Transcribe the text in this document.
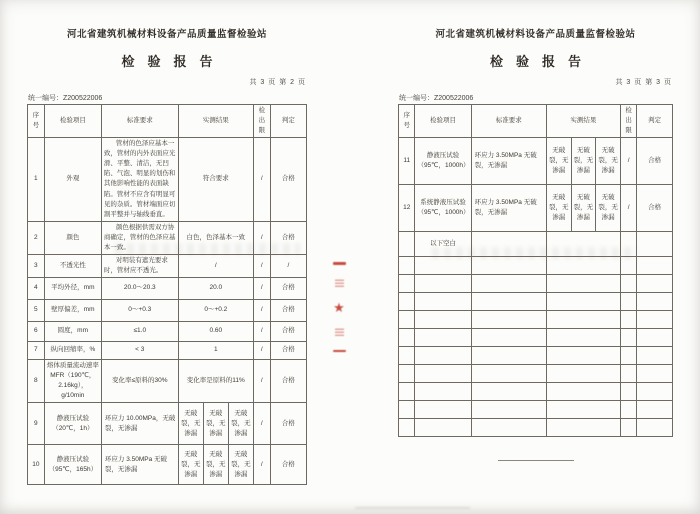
河北省建筑机械材料设备产品质量监督检验站
检验报告
共 3 页 第 2 页
统一编号：Z200522006
序号	检验项目	标准要求	实测结果			检出限	判定
1	外观	管材的色泽应基本一致，管材的内外表面应光滑、平整、清洁，无凹陷、气泡、明显的划伤和其他影响性能的表面缺陷。管材不应含有明显可见的杂质。管材端面应切割平整并与轴线垂直。	符合要求			/	合格
2	颜色	颜色根据供需双方协商确定，管材的色泽应基本一致。	白色，色泽基本一致			/	合格
3	不透光性	对明装有遮光要求时，管材应不透光。	/			/	/
4	平均外径，mm	20.0～20.3	20.0			/	合格
5	壁厚偏差，mm	0～+0.3	0～+0.2			/	合格
6	圆度，mm	≤1.0	0.60			/	合格
7	纵向回缩率，%	< 3	1			/	合格
8	熔体质量流动速率MFR（190℃，2.16kg），g/10min	变化率≤原料的30%	变化率是原料的11%			/	合格
9	静液压试验（20℃，1h）	环应力 10.00MPa，无破裂，无渗漏	无破裂，无渗漏	无破裂，无渗漏	无破裂，无渗漏	/	合格
10	静液压试验（95℃，165h）	环应力 3.50MPa 无破裂，无渗漏	无破裂，无渗漏	无破裂，无渗漏	无破裂，无渗漏	/	合格
河北省建筑机械材料设备产品质量监督检验站
检验报告
共 3 页 第 3 页
统一编号：Z200522006
序号	检验项目	标准要求	实测结果			检出限	判定
11	静液压试验（95℃，1000h）	环应力 3.50MPa 无破裂，无渗漏	无破裂，无渗漏	无破裂，无渗漏	无破裂，无渗漏	/	合格
12	系统静液压试验（95℃，1000h）	环应力 3.50MPa 无破裂，无渗漏	无破裂，无渗漏	无破裂，无渗漏	无破裂，无渗漏	/	合格
	以下空白						

★
